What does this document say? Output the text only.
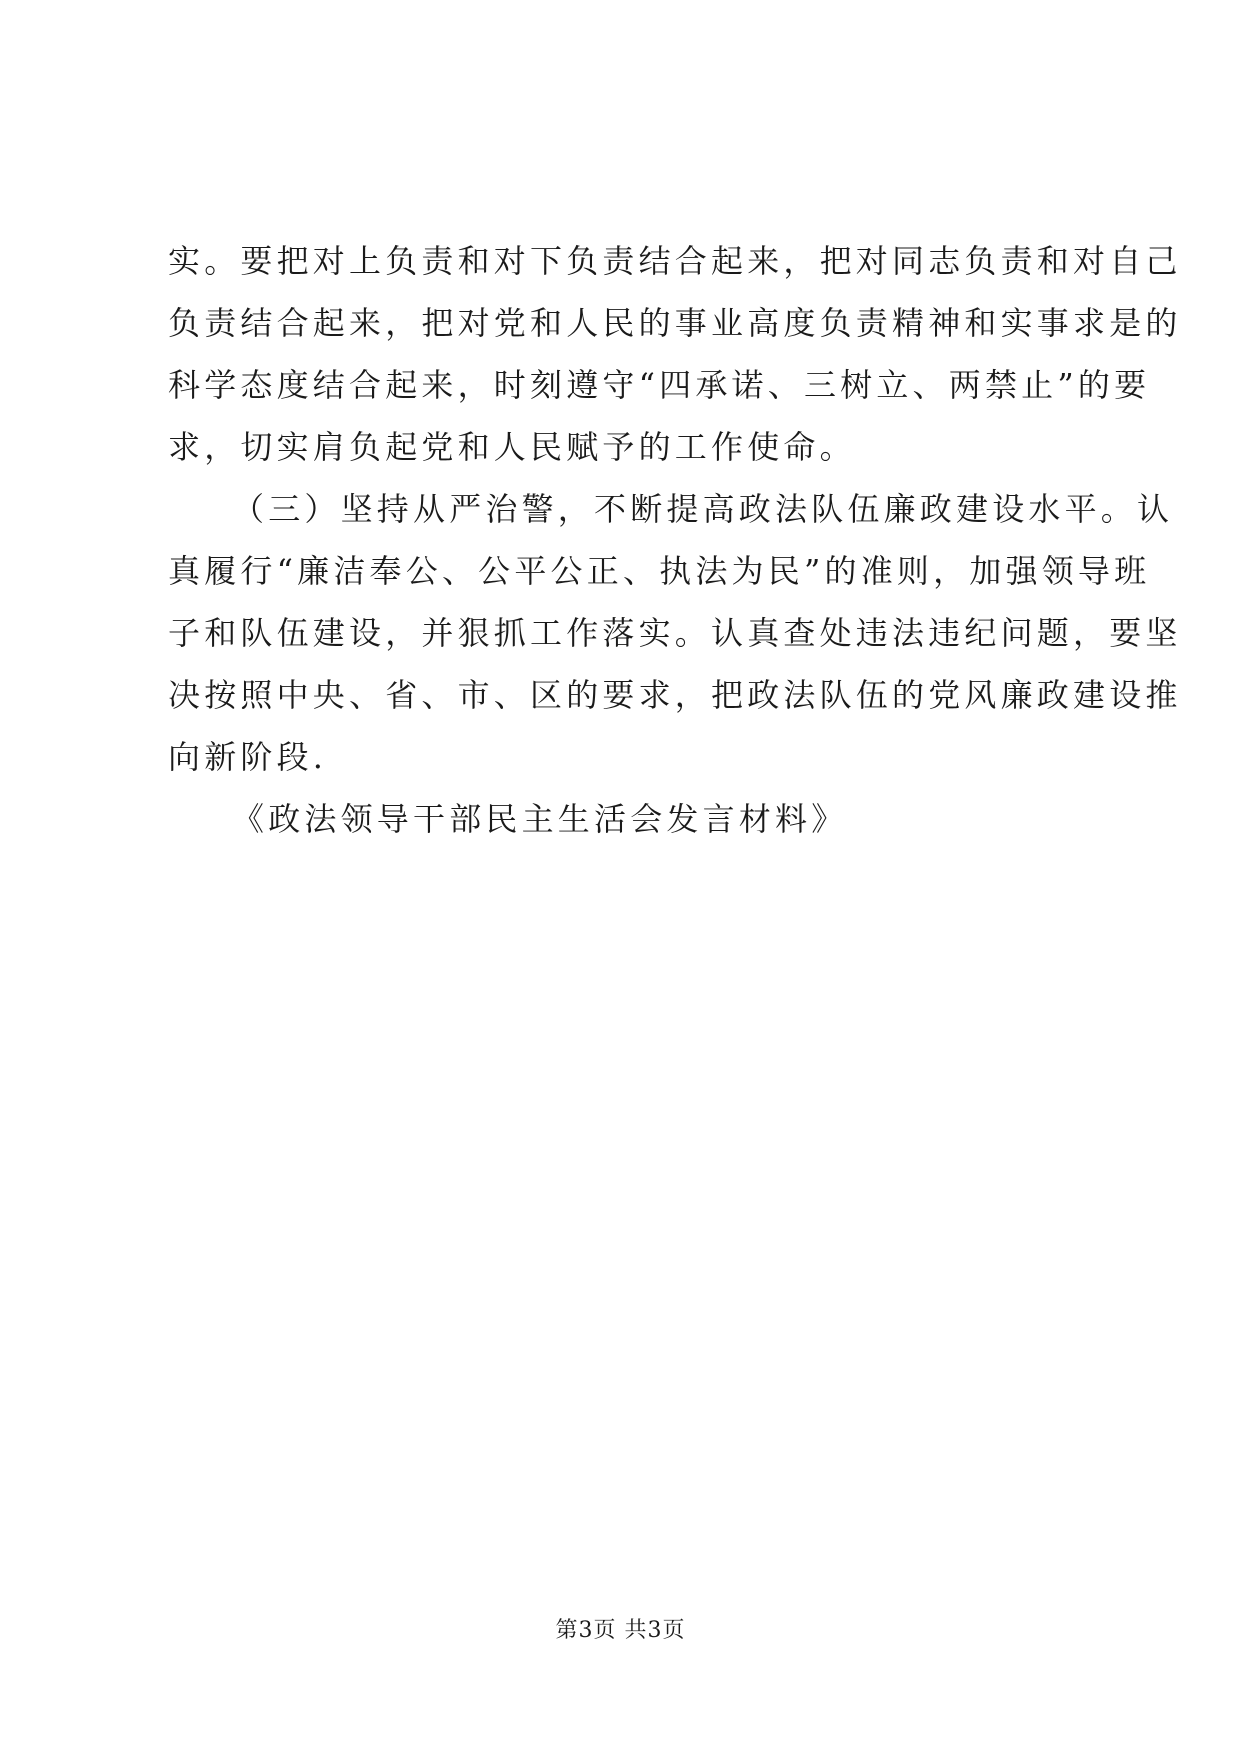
实。要把对上负责和对下负责结合起来，把对同志负责和对自己
负责结合起来，把对党和人民的事业高度负责精神和实事求是的
科学态度结合起来，时刻遵守“四承诺、三树立、两禁止”的要
求，切实肩负起党和人民赋予的工作使命。
（三）坚持从严治警，不断提高政法队伍廉政建设水平。认
真履行“廉洁奉公、公平公正、执法为民”的准则，加强领导班
子和队伍建设，并狠抓工作落实。认真查处违法违纪问题，要坚
决按照中央、省、市、区的要求，把政法队伍的党风廉政建设推
向新阶段.
《政法领导干部民主生活会发言材料》
第3页 共3页
